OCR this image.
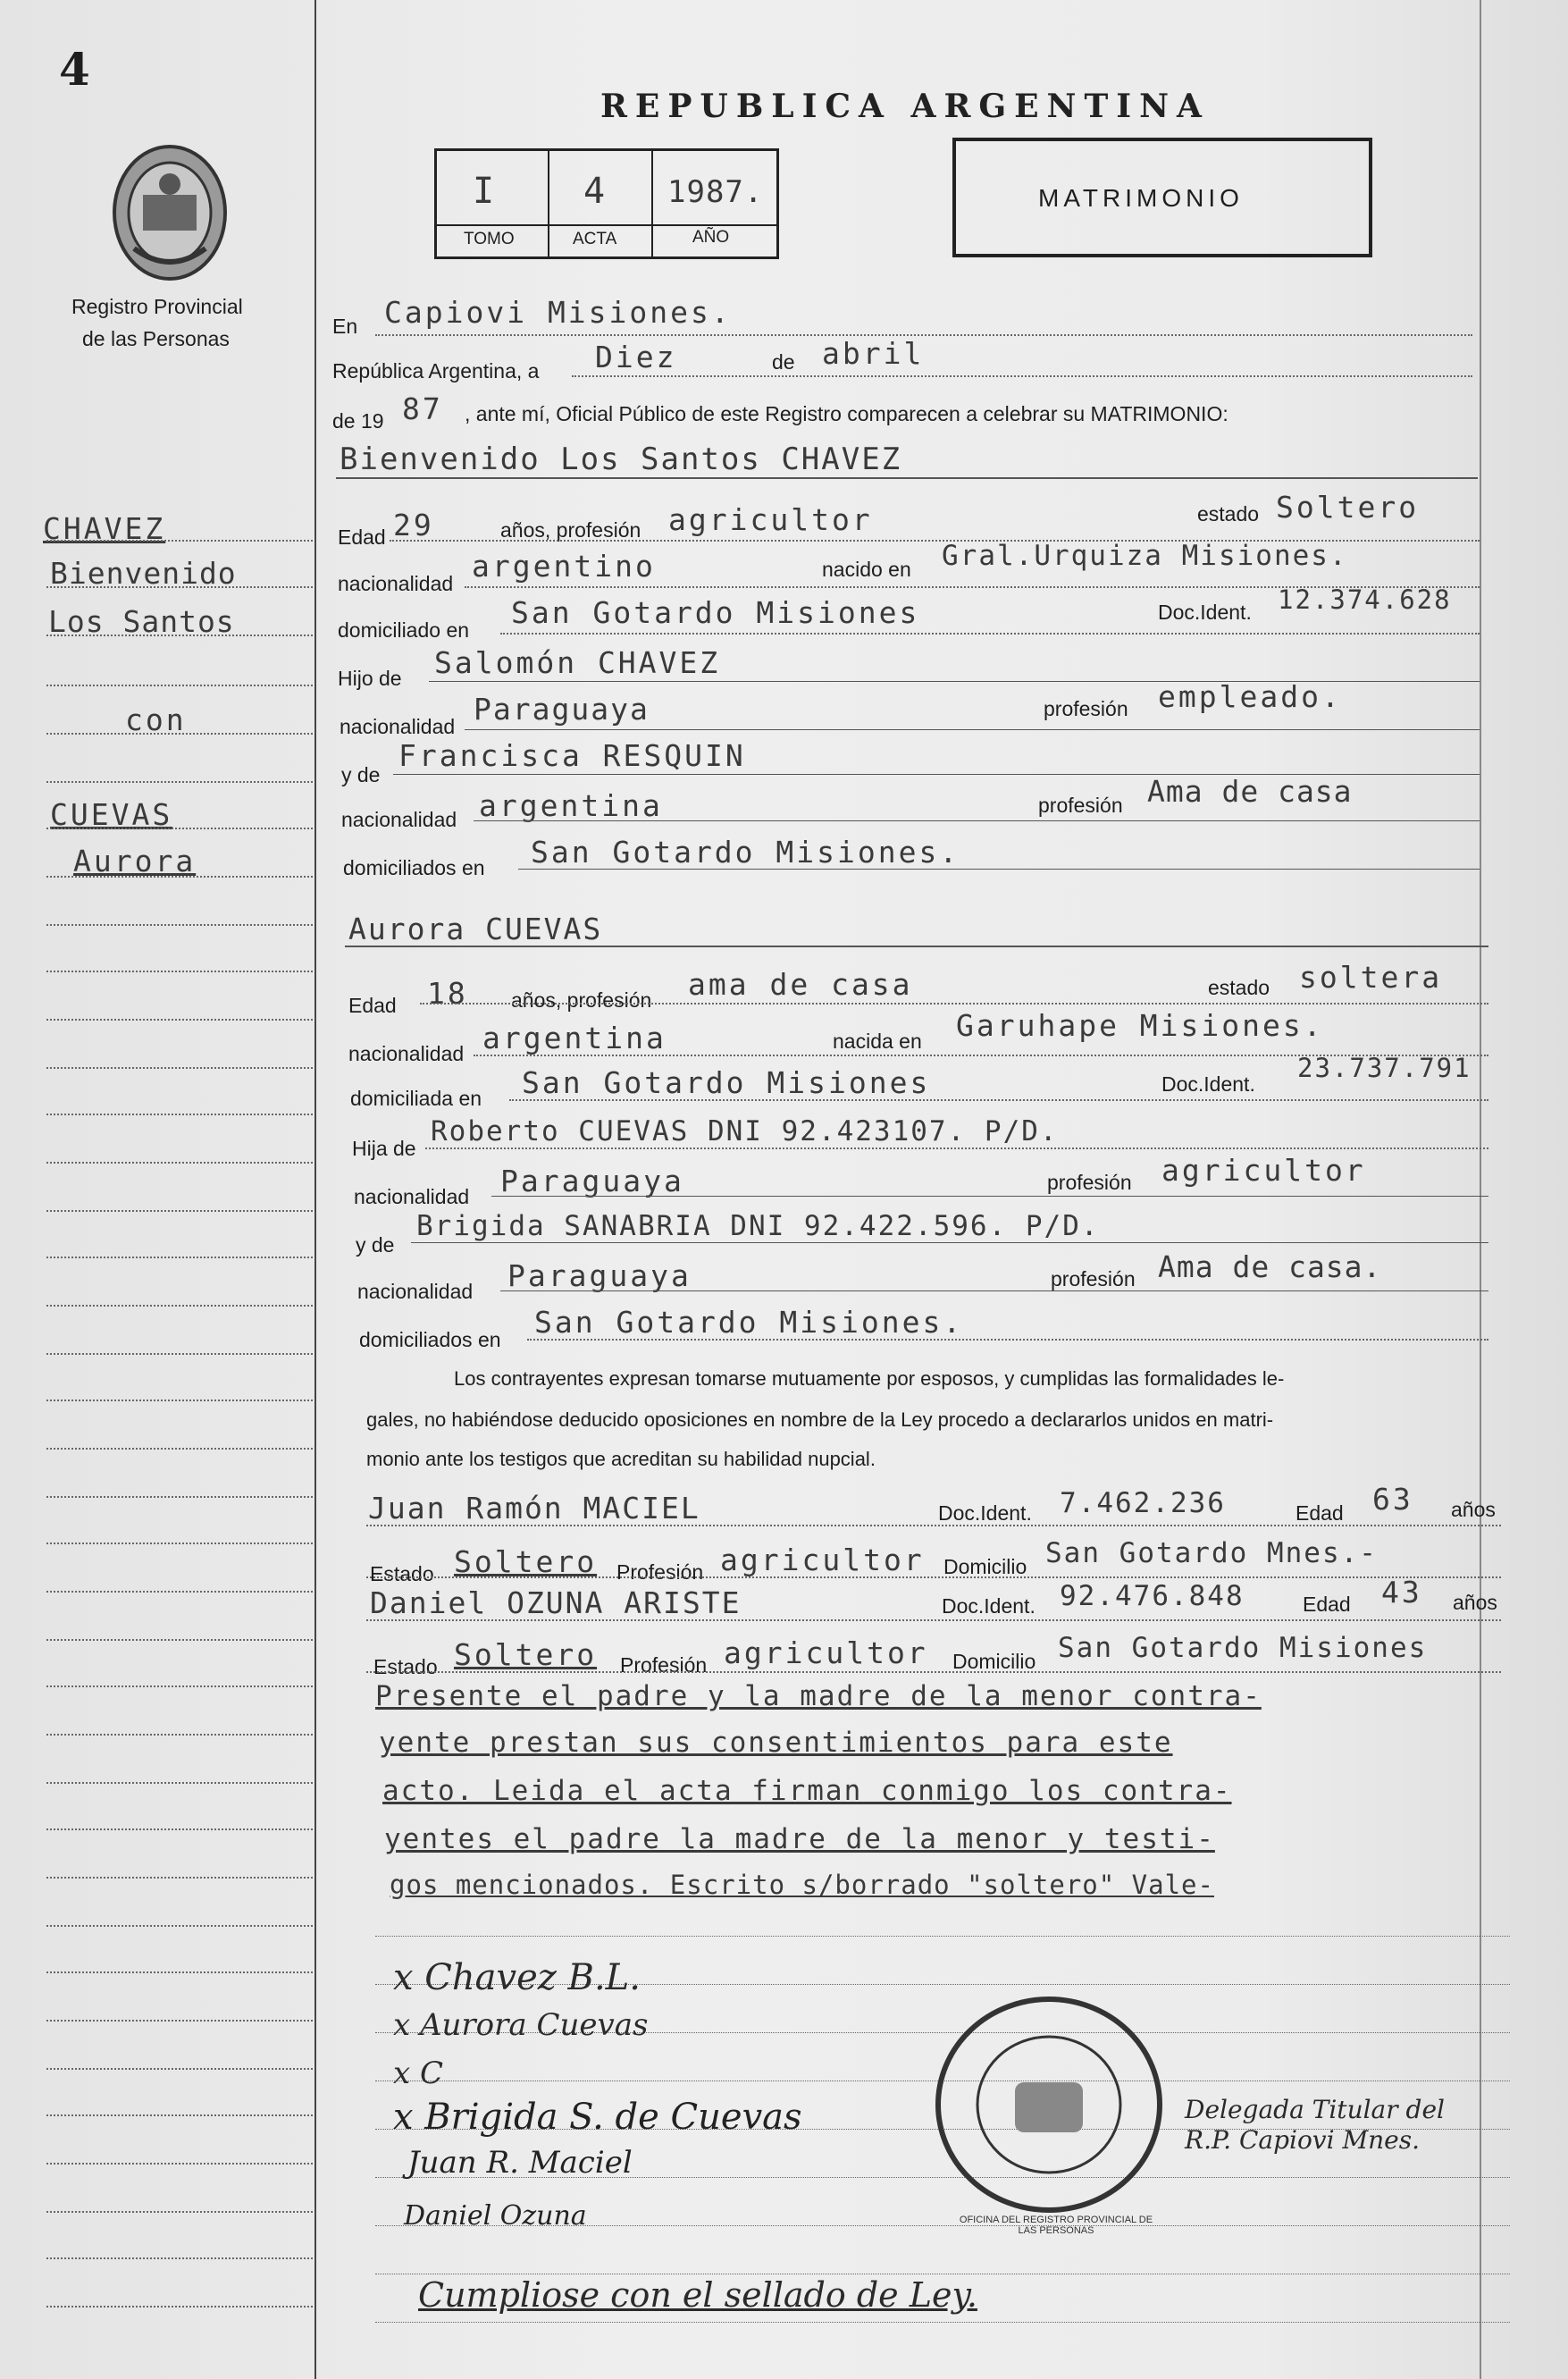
4
Registro Provincial
de las Personas
REPUBLICA ARGENTINA
I 4 1987.
TOMO	ACTA	AÑO
MATRIMONIO
CHAVEZ
Bienvenido
Los Santos
con
CUEVAS
Aurora
En Capiovi Misiones.
República Argentina, a Diez	de abril
de 19 87 , ante mí, Oficial Público de este Registro comparecen a celebrar su MATRIMONIO:
Bienvenido Los Santos CHAVEZ
Edad 29	años, profesión agricultor	estado Soltero
nacionalidad argentino	nacido en Gral.Urquiza Misiones.
domiciliado en San Gotardo Misiones	Doc.Ident. 12.374.628
Hijo de Salomón CHAVEZ
nacionalidad Paraguaya	profesión empleado.
y de
Francisca RESQUIN
nacionalidad argentina	profesión Ama de casa
domiciliados en San Gotardo Misiones.
Aurora CUEVAS
Edad 18 años, profesión ama de casa	estado soltera
nacionalidad argentina	nacida en Garuhape Misiones.
domiciliada en San Gotardo Misiones	Doc.Ident.
23.737.791
Hija de
Roberto CUEVAS DNI 92.423107. P/D.
nacionalidad Paraguaya	profesión agricultor
y de
Brigida SANABRIA DNI 92.422.596. P/D.
nacionalidad Paraguaya	profesión Ama de casa.
domiciliados en San Gotardo Misiones.
Los contrayentes expresan tomarse mutuamente por esposos, y cumplidas las formalidades le-
gales, no habiéndose deducido oposiciones en nombre de la Ley procedo a declararlos unidos en matri-
monio ante los testigos que acreditan su habilidad nupcial.
Juan Ramón MACIEL	Doc.Ident. 7.462.236	Edad 63 años
Estado Soltero Profesión agricultor Domicilio San Gotardo Mnes.-
Daniel OZUNA ARISTE	Doc.Ident. 92.476.848	Edad 43 años
Estado Soltero Profesión agricultor Domicilio San Gotardo Misiones
Presente el padre y la madre de la menor contra-
yente prestan sus consentimientos para este
acto. Leida el acta firman conmigo los contra-
yentes el padre la madre de la menor y testi-
gos mencionados. Escrito s/borrado "soltero" Vale-
x Chavez B.L.
x Aurora Cuevas
x C
x Brigida S. de Cuevas
Juan R. Maciel
Daniel Ozuna	OFICINA DEL REGISTRO PROVINCIAL DE LAS PERSONAS
Delegada Titular del R.P. Capiovi Mnes.
Cumpliose con el sellado de Ley.
